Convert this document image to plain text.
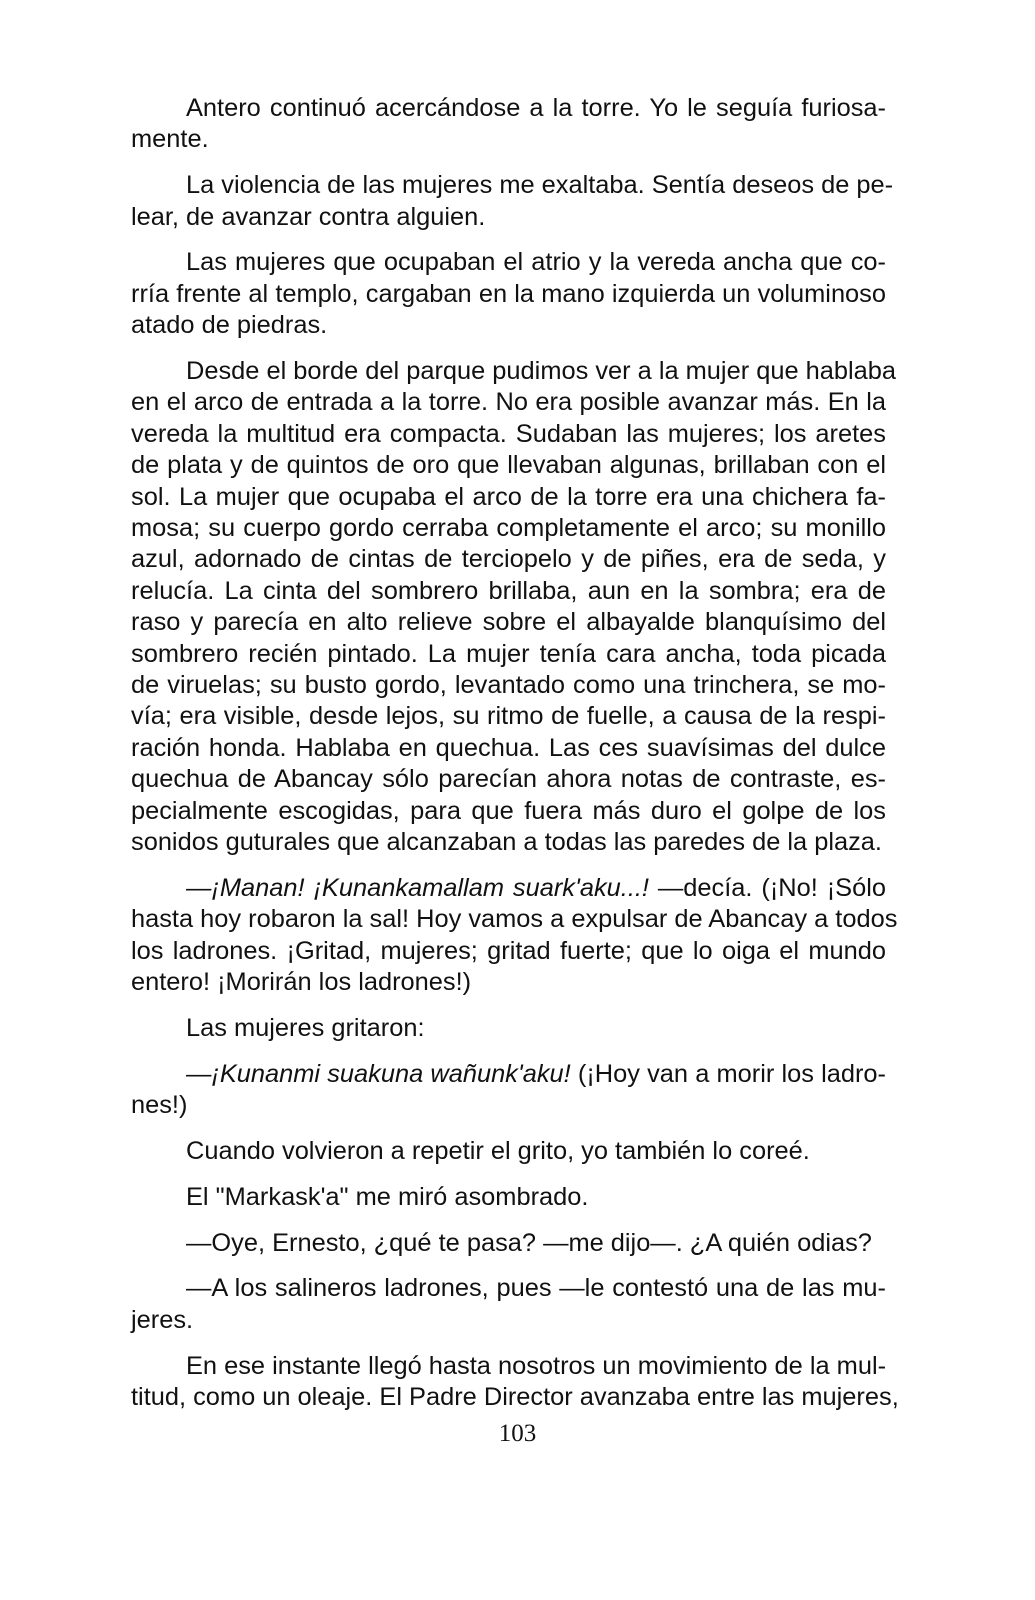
Antero continuó acercándose a la torre. Yo le seguía furiosa-
mente.
La violencia de las mujeres me exaltaba. Sentía deseos de pe-
lear, de avanzar contra alguien.
Las mujeres que ocupaban el atrio y la vereda ancha que co-
rría frente al templo, cargaban en la mano izquierda un voluminoso
atado de piedras.
Desde el borde del parque pudimos ver a la mujer que hablaba
en el arco de entrada a la torre. No era posible avanzar más. En la
vereda la multitud era compacta. Sudaban las mujeres; los aretes
de plata y de quintos de oro que llevaban algunas, brillaban con el
sol. La mujer que ocupaba el arco de la torre era una chichera fa-
mosa; su cuerpo gordo cerraba completamente el arco; su monillo
azul, adornado de cintas de terciopelo y de piñes, era de seda, y
relucía. La cinta del sombrero brillaba, aun en la sombra; era de
raso y parecía en alto relieve sobre el albayalde blanquísimo del
sombrero recién pintado. La mujer tenía cara ancha, toda picada
de viruelas; su busto gordo, levantado como una trinchera, se mo-
vía; era visible, desde lejos, su ritmo de fuelle, a causa de la respi-
ración honda. Hablaba en quechua. Las ces suavísimas del dulce
quechua de Abancay sólo parecían ahora notas de contraste, es-
pecialmente escogidas, para que fuera más duro el golpe de los
sonidos guturales que alcanzaban a todas las paredes de la plaza.
—¡Manan! ¡Kunankamallam suark'aku...! —decía. (¡No! ¡Sólo
hasta hoy robaron la sal! Hoy vamos a expulsar de Abancay a todos
los ladrones. ¡Gritad, mujeres; gritad fuerte; que lo oiga el mundo
entero! ¡Morirán los ladrones!)
Las mujeres gritaron:
—¡Kunanmi suakuna wañunk'aku! (¡Hoy van a morir los ladro-
nes!)
Cuando volvieron a repetir el grito, yo también lo coreé.
El "Markask'a" me miró asombrado.
—Oye, Ernesto, ¿qué te pasa? —me dijo—. ¿A quién odias?
—A los salineros ladrones, pues —le contestó una de las mu-
jeres.
En ese instante llegó hasta nosotros un movimiento de la mul-
titud, como un oleaje. El Padre Director avanzaba entre las mujeres,
103
